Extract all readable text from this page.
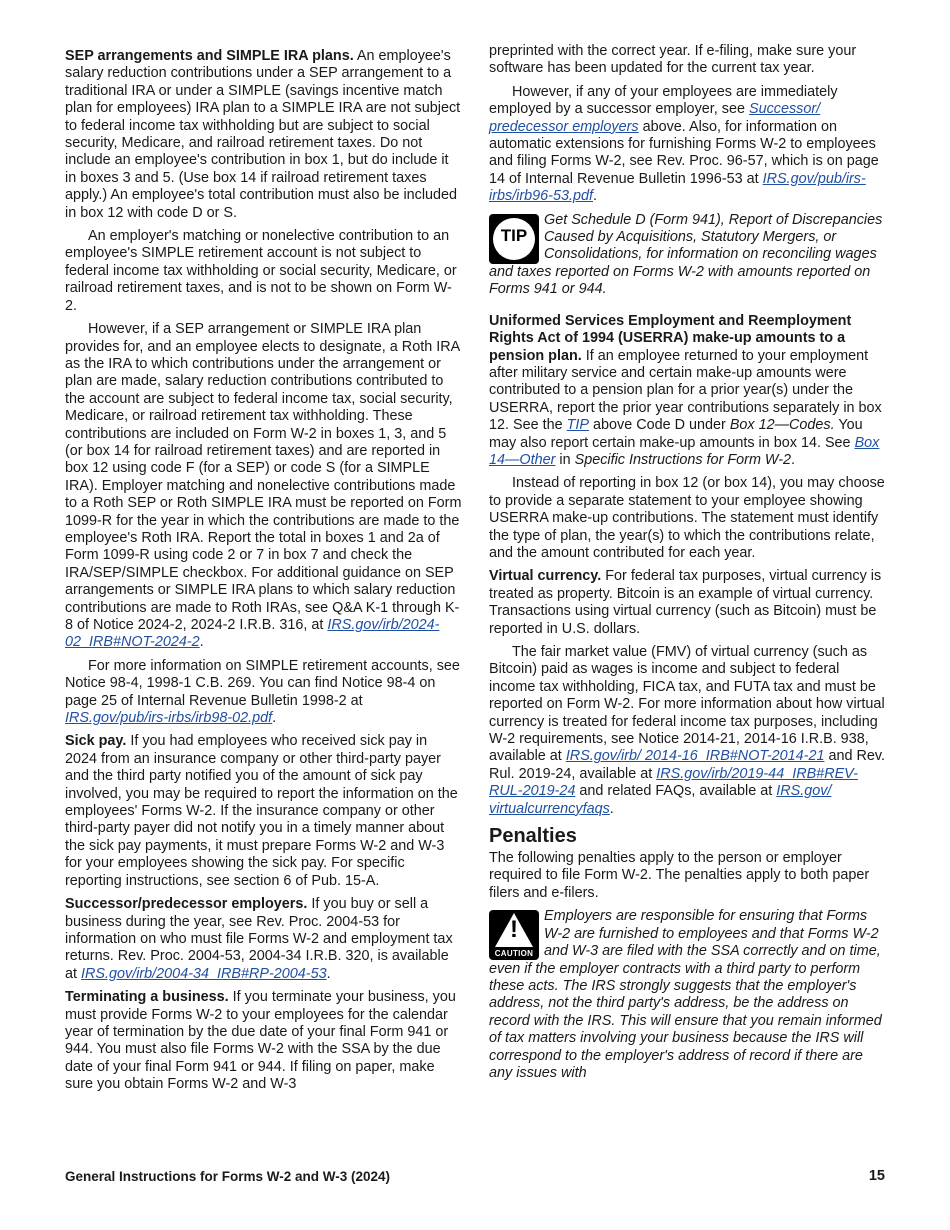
SEP arrangements and SIMPLE IRA plans. An employee's salary reduction contributions under a SEP arrangement to a traditional IRA or under a SIMPLE (savings incentive match plan for employees) IRA plan to a SIMPLE IRA are not subject to federal income tax withholding but are subject to social security, Medicare, and railroad retirement taxes. Do not include an employee's contribution in box 1, but do include it in boxes 3 and 5. (Use box 14 if railroad retirement taxes apply.) An employee's total contribution must also be included in box 12 with code D or S.

An employer's matching or nonelective contribution to an employee's SIMPLE retirement account is not subject to federal income tax withholding or social security, Medicare, or railroad retirement taxes, and is not to be shown on Form W-2.

However, if a SEP arrangement or SIMPLE IRA plan provides for, and an employee elects to designate, a Roth IRA as the IRA to which contributions under the arrangement or plan are made, salary reduction contributions contributed to the account are subject to federal income tax, social security, Medicare, or railroad retirement tax withholding. These contributions are included on Form W-2 in boxes 1, 3, and 5 (or box 14 for railroad retirement taxes) and are reported in box 12 using code F (for a SEP) or code S (for a SIMPLE IRA). Employer matching and nonelective contributions made to a Roth SEP or Roth SIMPLE IRA must be reported on Form 1099-R for the year in which the contributions are made to the employee's Roth IRA. Report the total in boxes 1 and 2a of Form 1099-R using code 2 or 7 in box 7 and check the IRA/SEP/SIMPLE checkbox. For additional guidance on SEP arrangements or SIMPLE IRA plans to which salary reduction contributions are made to Roth IRAs, see Q&A K-1 through K-8 of Notice 2024-2, 2024-2 I.R.B. 316, at IRS.gov/irb/2024-02_IRB#NOT-2024-2.

For more information on SIMPLE retirement accounts, see Notice 98-4, 1998-1 C.B. 269. You can find Notice 98-4 on page 25 of Internal Revenue Bulletin 1998-2 at IRS.gov/pub/irs-irbs/irb98-02.pdf.

Sick pay. If you had employees who received sick pay in 2024 from an insurance company or other third-party payer and the third party notified you of the amount of sick pay involved, you may be required to report the information on the employees' Forms W-2. If the insurance company or other third-party payer did not notify you in a timely manner about the sick pay payments, it must prepare Forms W-2 and W-3 for your employees showing the sick pay. For specific reporting instructions, see section 6 of Pub. 15-A.

Successor/predecessor employers. If you buy or sell a business during the year, see Rev. Proc. 2004-53 for information on who must file Forms W-2 and employment tax returns. Rev. Proc. 2004-53, 2004-34 I.R.B. 320, is available at IRS.gov/irb/2004-34_IRB#RP-2004-53.

Terminating a business. If you terminate your business, you must provide Forms W-2 to your employees for the calendar year of termination by the due date of your final Form 941 or 944. You must also file Forms W-2 with the SSA by the due date of your final Form 941 or 944. If filing on paper, make sure you obtain Forms W-2 and W-3

preprinted with the correct year. If e-filing, make sure your software has been updated for the current tax year.

However, if any of your employees are immediately employed by a successor employer, see Successor/ predecessor employers above. Also, for information on automatic extensions for furnishing Forms W-2 to employees and filing Forms W-2, see Rev. Proc. 96-57, which is on page 14 of Internal Revenue Bulletin 1996-53 at IRS.gov/pub/irs-irbs/irb96-53.pdf.

TIP
Get Schedule D (Form 941), Report of Discrepancies Caused by Acquisitions, Statutory Mergers, or Consolidations, for information on reconciling wages and taxes reported on Forms W-2 with amounts reported on Forms 941 or 944.

Uniformed Services Employment and Reemployment Rights Act of 1994 (USERRA) make-up amounts to a pension plan. If an employee returned to your employment after military service and certain make-up amounts were contributed to a pension plan for a prior year(s) under the USERRA, report the prior year contributions separately in box 12. See the TIP above Code D under Box 12—Codes. You may also report certain make-up amounts in box 14. See Box 14—Other in Specific Instructions for Form W-2.

Instead of reporting in box 12 (or box 14), you may choose to provide a separate statement to your employee showing USERRA make-up contributions. The statement must identify the type of plan, the year(s) to which the contributions relate, and the amount contributed for each year.

Virtual currency. For federal tax purposes, virtual currency is treated as property. Bitcoin is an example of virtual currency. Transactions using virtual currency (such as Bitcoin) must be reported in U.S. dollars.

The fair market value (FMV) of virtual currency (such as Bitcoin) paid as wages is income and subject to federal income tax withholding, FICA tax, and FUTA tax and must be reported on Form W-2. For more information about how virtual currency is treated for federal income tax purposes, including W-2 requirements, see Notice 2014-21, 2014-16 I.R.B. 938, available at IRS.gov/irb/ 2014-16_IRB#NOT-2014-21 and Rev. Rul. 2019-24, available at IRS.gov/irb/2019-44_IRB#REV-RUL-2019-24 and related FAQs, available at IRS.gov/ virtualcurrencyfaqs.

Penalties

The following penalties apply to the person or employer required to file Form W-2. The penalties apply to both paper filers and e-filers.

!
CAUTION
Employers are responsible for ensuring that Forms W-2 are furnished to employees and that Forms W-2 and W-3 are filed with the SSA correctly and on time, even if the employer contracts with a third party to perform these acts. The IRS strongly suggests that the employer's address, not the third party's address, be the address on record with the IRS. This will ensure that you remain informed of tax matters involving your business because the IRS will correspond to the employer's address of record if there are any issues with
General Instructions for Forms W-2 and W-3 (2024)	15
